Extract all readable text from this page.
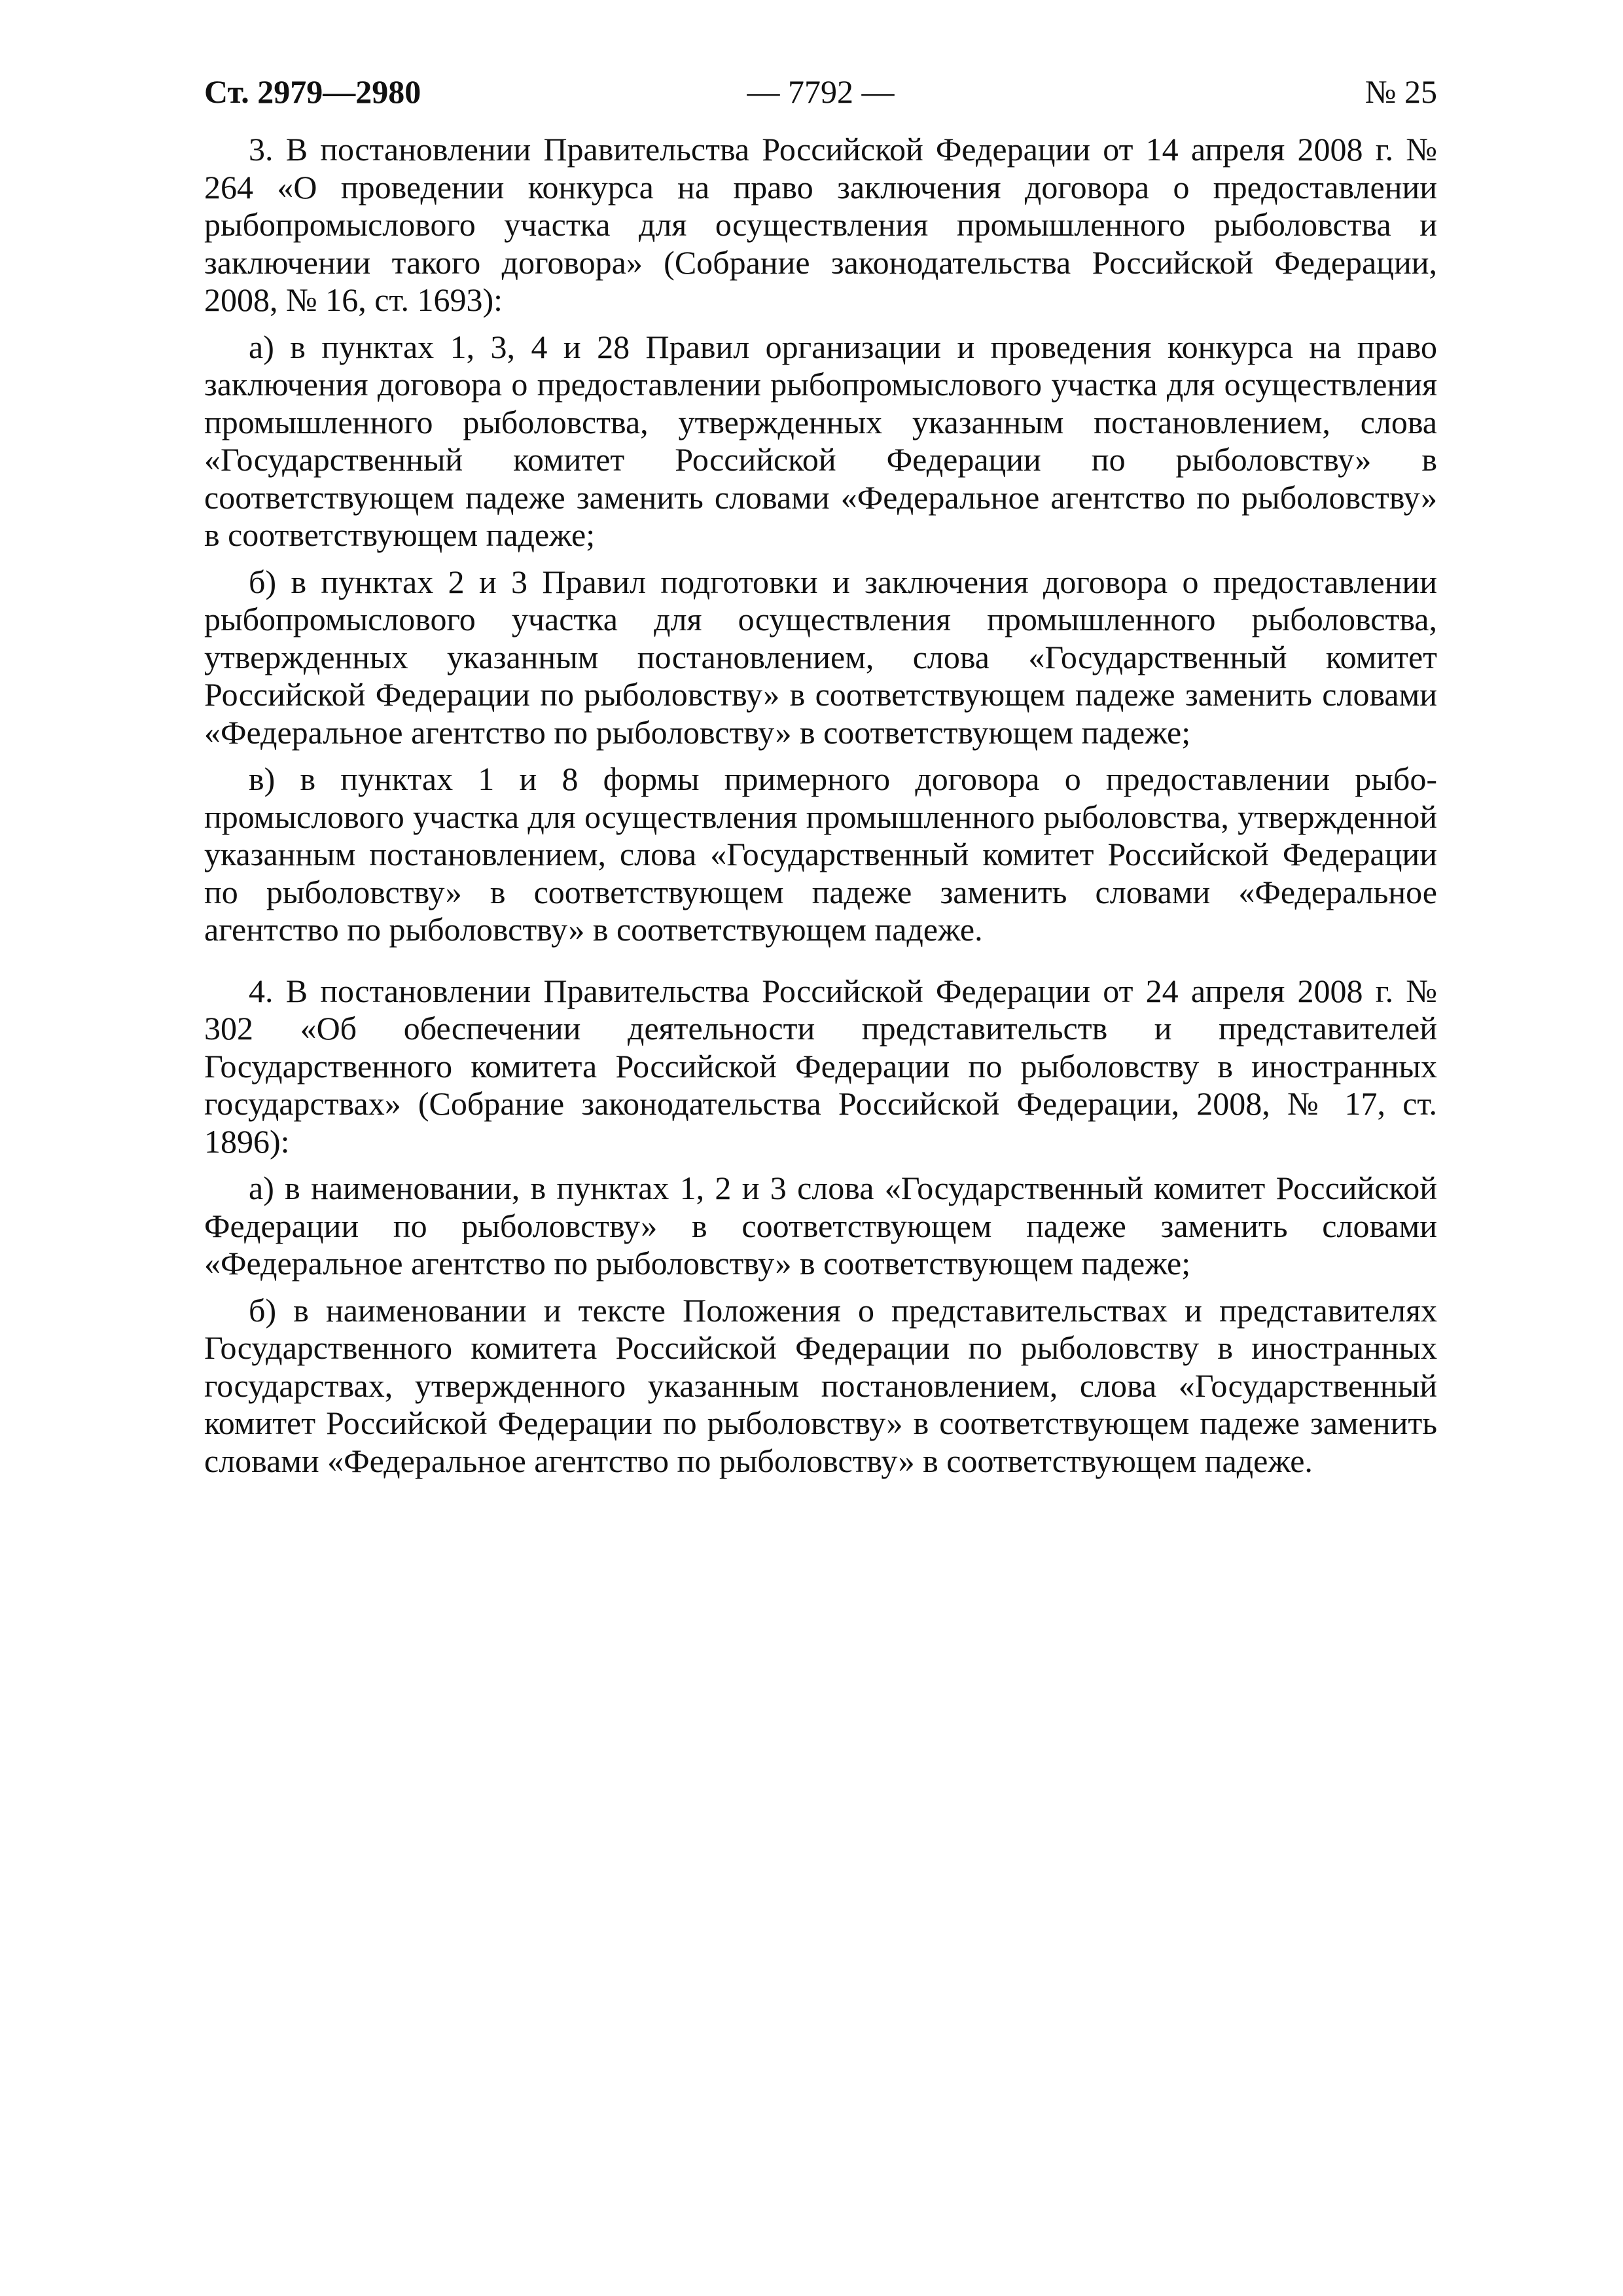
Ст. 2979—2980	— 7792 —	№ 25

3. В постановлении Правительства Российской Федерации от 14 апреля 2008 г. № 264 «О проведении конкурса на право заключения договора о предоставлении рыбопромыслового участка для осуществления промышленного рыболовства и заключении такого договора» (Собрание законодательства Российской Федерации, 2008, № 16, ст. 1693):

а) в пунктах 1, 3, 4 и 28 Правил организации и проведения конкурса на право заключения договора о предоставлении рыбопромыслового участка для осуществления промышленного рыболовства, утвержденных указанным постановлением, слова «Государственный комитет Российской Федерации по рыболовству» в соответствующем падеже заменить словами «Федеральное агентство по рыболовству» в соответствующем падеже;

б) в пунктах 2 и 3 Правил подготовки и заключения договора о предоставлении рыбопромыслового участка для осуществления промышленного рыболовства, утвержденных указанным постановлением, слова «Государственный комитет Российской Федерации по рыболовству» в соответствующем падеже заменить словами «Федеральное агентство по рыболовству» в соответствующем падеже;

в) в пунктах 1 и 8 формы примерного договора о предоставлении рыбопромыслового участка для осуществления промышленного рыболовства, утвержденной указанным постановлением, слова «Государственный комитет Российской Федерации по рыболовству» в соответствующем падеже заменить словами «Федеральное агентство по рыболовству» в соответствующем падеже.

4. В постановлении Правительства Российской Федерации от 24 апреля 2008 г. № 302 «Об обеспечении деятельности представительств и представителей Государственного комитета Российской Федерации по рыболовству в иностранных государствах» (Собрание законодательства Российской Федерации, 2008, № 17, ст. 1896):

а) в наименовании, в пунктах 1, 2 и 3 слова «Государственный комитет Российской Федерации по рыболовству» в соответствующем падеже заменить словами «Федеральное агентство по рыболовству» в соответствующем падеже;

б) в наименовании и тексте Положения о представительствах и представителях Государственного комитета Российской Федерации по рыболовству в иностранных государствах, утвержденного указанным постановлением, слова «Государственный комитет Российской Федерации по рыболовству» в соответствующем падеже заменить словами «Федеральное агентство по рыболовству» в соответствующем падеже.
